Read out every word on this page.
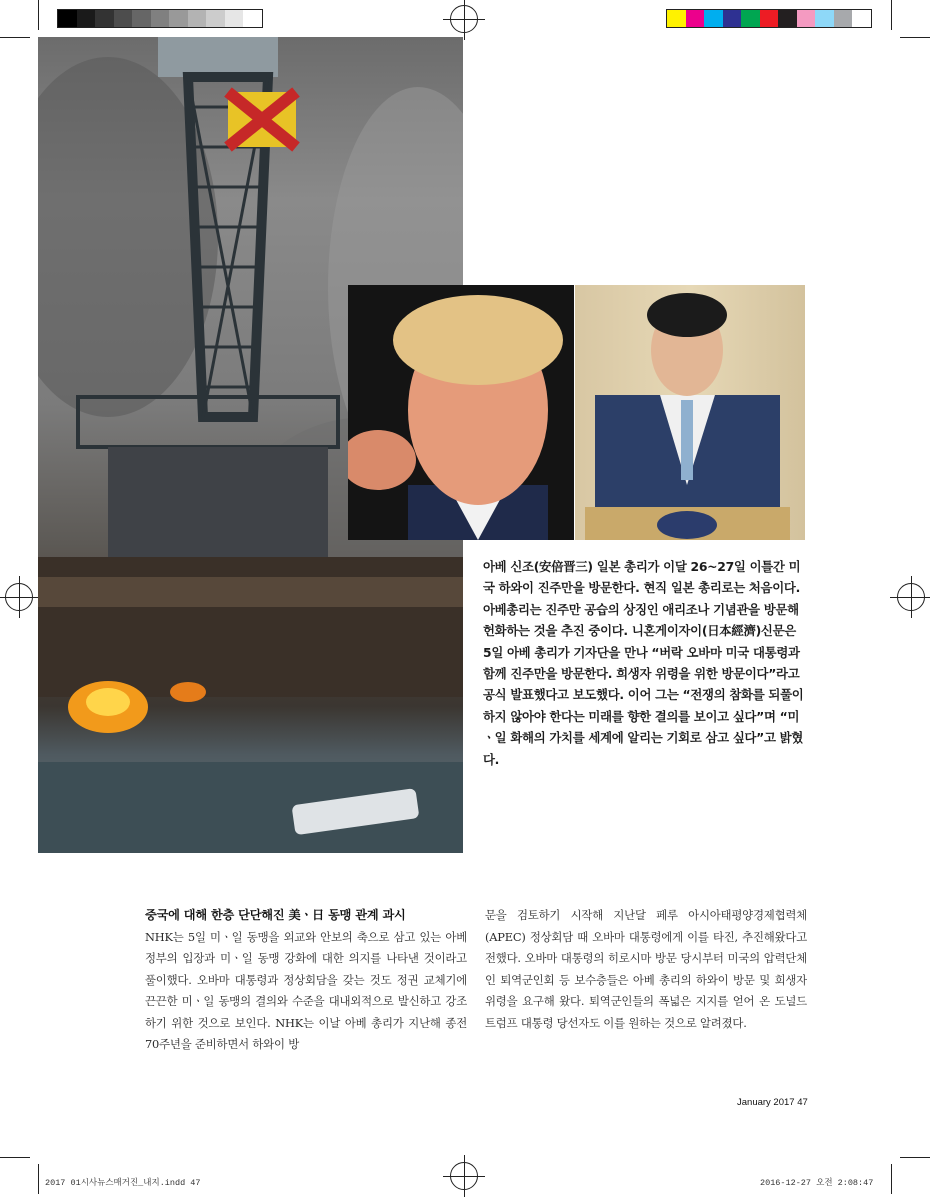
아베 신조(安倍晋三) 일본 총리가 이달 26~27일 이틀간 미국 하와이 진주만을 방문한다. 현직 일본 총리로는 처음이다. 아베총리는 진주만 공습의 상징인 애리조나 기념관을 방문해 헌화하는 것을 추진 중이다. 니혼게이자이(日本經濟)신문은 5일 아베 총리가 기자단을 만나 “버락 오바마 미국 대통령과 함께 진주만을 방문한다. 희생자 위령을 위한 방문이다”라고 공식 발표했다고 보도했다. 이어 그는 “전쟁의 참화를 되풀이하지 않아야 한다는 미래를 향한 결의를 보이고 싶다”며 “미ㆍ일 화해의 가치를 세계에 알리는 기회로 삼고 싶다”고 밝혔다.
중국에 대해 한층 단단해진 美ㆍ日 동맹 관계 과시
NHK는 5일 미ㆍ일 동맹을 외교와 안보의 축으로 삼고 있는 아베 정부의 입장과 미ㆍ일 동맹 강화에 대한 의지를 나타낸 것이라고 풀이했다. 오바마 대통령과 정상회담을 갖는 것도 정권 교체기에 끈끈한 미ㆍ일 동맹의 결의와 수준을 대내외적으로 발신하고 강조하기 위한 것으로 보인다. NHK는 이날 아베 총리가 지난해 종전 70주년을 준비하면서 하와이 방
문을 검토하기 시작해 지난달 페루 아시아태평양경제협력체(APEC) 정상회담 때 오바마 대통령에게 이를 타진, 추진해왔다고 전했다. 오바마 대통령의 히로시마 방문 당시부터 미국의 압력단체인 퇴역군인회 등 보수층들은 아베 총리의 하와이 방문 및 희생자 위령을 요구해 왔다. 퇴역군인들의 폭넓은 지지를 얻어 온 도널드 트럼프 대통령 당선자도 이를 원하는 것으로 알려졌다.
January 2017 47
2017 01시사뉴스매거진_내지.indd 47	2016-12-27 오전 2:08:47
